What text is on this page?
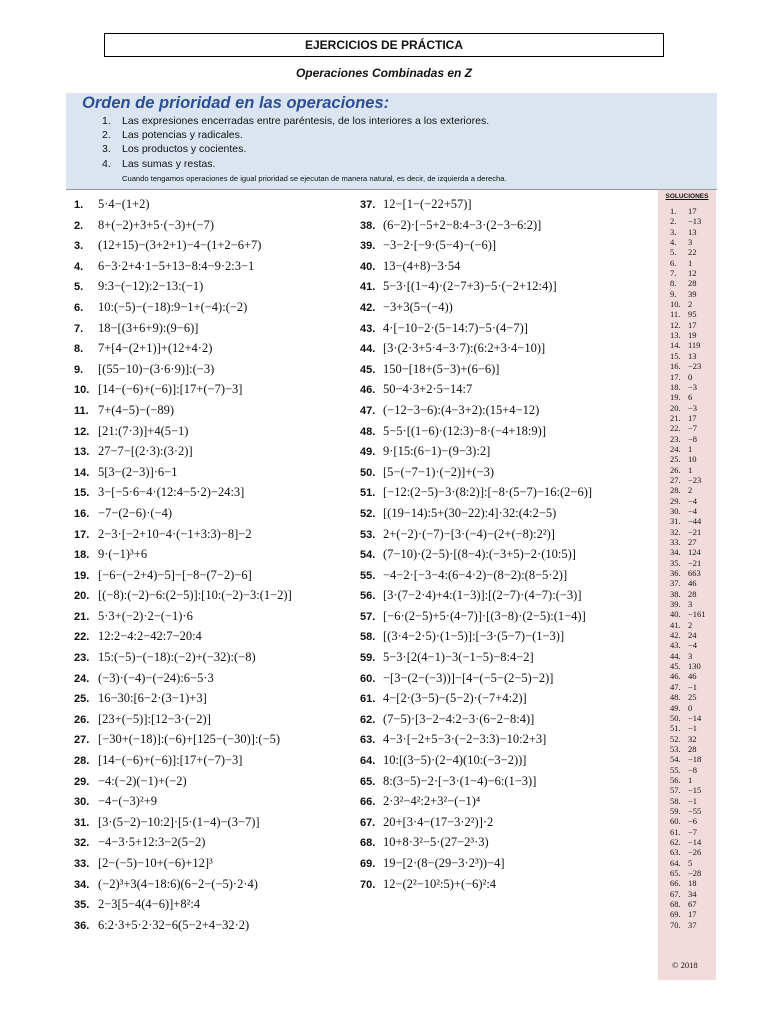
EJERCICIOS DE PRÁCTICA
Operaciones Combinadas en Z
Orden de prioridad en las operaciones:
1. Las expresiones encerradas entre paréntesis, de los interiores a los exteriores.
2. Las potencias y radicales.
3. Los productos y cocientes.
4. Las sumas y restas.
Cuando tengamos operaciones de igual prioridad se ejecutan de manera natural, es decir, de izquierda a derecha.
1. 5·4−(1+2)
2. 8+(−2)+3+5·(−3)+(−7)
3. (12+15)−(3+2+1)−4−(1+2−6+7)
4. 6−3·2+4·1−5+13−8:4−9·2:3−1
5. 9:3−(−12):2−13:(−1)
6. 10:(−5)−(−18):9−1+(−4):(−2)
7. 18−[(3+6+9):(9−6)]
8. 7+[4−(2+1)]+(12+4·2)
9. [(55−10)−(3·6·9)]:(−3)
10. [14−(−6)+(−6)]:[17+(−7)−3]
11. 7+(4−5)−(−89)
12. [21:(7·3)]+4(5−1)
13. 27−7−[(2·3):(3·2)]
14. 5[3−(2−3)]·6−1
15. 3−[−5·6−4·(12:4−5·2)−24:3]
16. −7−(2−6)·(−4)
17. 2−3·[−2+10−4·(−1+3:3)−8]−2
18. 9·(−1)³+6
19. [−6−(−2+4)−5]−[−8−(7−2)−6]
20. [(−8):(−2)−6:(2−5)]:[10:(−2)−3:(1−2)]
21. 5·3+(−2)·2−(−1)·6
22. 12:2−4:2−42:7−20:4
23. 15:(−5)−(−18):(−2)+(−32):(−8)
24. (−3)·(−4)−(−24):6−5·3
25. 16−30:[6−2·(3−1)+3]
26. [23+(−5)]:[12−3·(−2)]
27. [−30+(−18)]:(−6)+[125−(−30)]:(−5)
28. [14−(−6)+(−6)]:[17+(−7)−3]
29. −4:(−2)(−1)+(−2)
30. −4−(−3)²+9
31. [3·(5−2)−10:2]·[5·(1−4)−(3−7)]
32. −4−3·5+12:3−2(5−2)
33. [2−(−5)−10+(−6)+12]³
34. (−2)³+3(4−18:6)(6−2−(−5)·2·4)
35. 2−3[5−4(4−6)]+8²:4
36. 6:2·3+5·2·32−6(5−2+4−32·2)
37. 12−[1−(−22+57)]
38. (6−2)·[−5+2−8:4−3·(2−3−6:2)]
39. −3−2·[−9·(5−4)−(−6)]
40. 13−(4+8)−3·54
41. 5−3·[(1−4)·(2−7+3)−5·(−2+12:4)]
42. −3+3(5−(−4))
43. 4·[−10−2·(5−14:7)−5·(4−7)]
44. [3·(2·3+5·4−3·7):(6:2+3·4−10)]
45. 150−[18+(5−3)+(6−6)]
46. 50−4·3+2·5−14:7
47. (−12−3−6):(4−3+2):(15+4−12)
48. 5−5·[(1−6)·(12:3)−8·(−4+18:9)]
49. 9·[15:(6−1)−(9−3):2]
50. [5−(−7−1)·(−2)]+(−3)
51. [−12:(2−5)−3·(8:2)]:[−8·(5−7)−16:(2−6)]
52. [(19−14):5+(30−22):4]·32:(4:2−5)
53. 2+(−2)·(−7)−[3·(−4)−(2+(−8):2²)]
54. (7−10)·(2−5)·[(8−4):(−3+5)−2·(10:5)]
55. −4−2·[−3−4:(6−4·2)−(8−2):(8−5·2)]
56. [3·(7−2·4)+4:(1−3)]:[(2−7)·(4−7):(−3)]
57. [−6·(2−5)+5·(4−7)]·[(3−8)·(2−5):(1−4)]
58. [(3·4−2·5)·(1−5)]:[−3·(5−7)−(1−3)]
59. 5−3·[2(4−1)−3(−1−5)−8:4−2]
60. −[3−(2−(−3))]−[4−(−5−(2−5)−2)]
61. 4−[2·(3−5)−(5−2)·(−7+4:2)]
62. (7−5)·[3−2−4:2−3·(6−2−8:4)]
63. 4−3·[−2+5−3·(−2−3:3)−10:2+3]
64. 10:[(3−5)·(2−4)(10:(−3−2))]
65. 8:(3−5)−2·[−3·(1−4)−6:(1−3)]
66. 2·3²−4²:2+3²−(−1)⁴
67. 20+[3·4−(17−3·2²)]·2
68. 10+8·3²−5·(27−2³·3)
69. 19−[2·(8−(29−3·2³))−4]
70. 12−(2²−10²:5)+(−6)²:4
SOLUCIONES
1. 17
2. −13
3. 13
4. 3
5. 22
6. 1
7. 12
8. 28
9. 39
10. 2
11. 95
12. 17
13. 19
14. 119
15. 13
16. −23
17. 0
18. −3
19. 6
20. −3
21. 17
22. −7
23. −8
24. 1
25. 10
26. 1
27. −23
28. 2
29. −4
30. −4
31. −44
32. −21
33. 27
34. 124
35. −21
36. 663
37. 46
38. 28
39. 3
40. −161
41. 2
42. 24
43. −4
44. 3
45. 130
46. 46
47. −1
48. 25
49. 0
50. −14
51. −1
52. 32
53. 28
54. −18
55. −8
56. 1
57. −15
58. −1
59. −55
60. −6
61. −7
62. −14
63. −26
64. 5
65. −28
66. 18
67. 34
68. 67
69. 17
70. 37
© 2018
